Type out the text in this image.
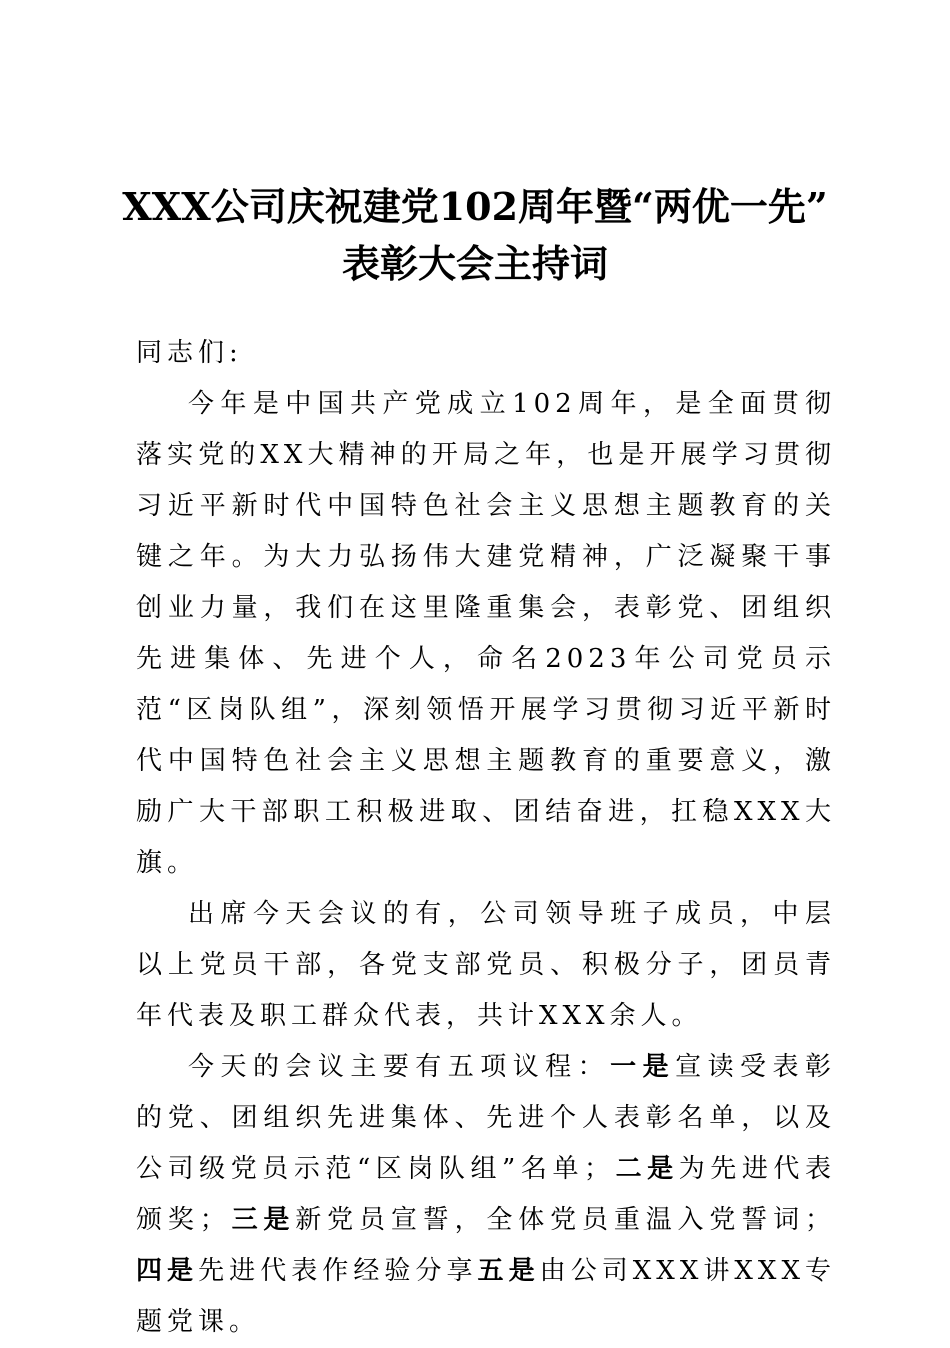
XXX公司庆祝建党102周年暨“两优一先”
表彰大会主持词
同志们:

今年是中国共产党成立102周年，是全面贯彻落实党的XX大精神的开局之年，也是开展学习贯彻习近平新时代中国特色社会主义思想主题教育的关键之年。为大力弘扬伟大建党精神，广泛凝聚干事创业力量，我们在这里隆重集会，表彰党、团组织先进集体、先进个人，命名2023年公司党员示范“区岗队组”，深刻领悟开展学习贯彻习近平新时代中国特色社会主义思想主题教育的重要意义，激励广大干部职工积极进取、团结奋进，扛稳XXX大旗。

出席今天会议的有，公司领导班子成员，中层以上党员干部，各党支部党员、积极分子，团员青年代表及职工群众代表，共计XXX余人。

今天的会议主要有五项议程：一是宣读受表彰的党、团组织先进集体、先进个人表彰名单，以及公司级党员示范“区岗队组”名单；二是为先进代表颁奖；三是新党员宣誓，全体党员重温入党誓词；四是先进代表作经验分享五是由公司XXX讲XXX专题党课。
